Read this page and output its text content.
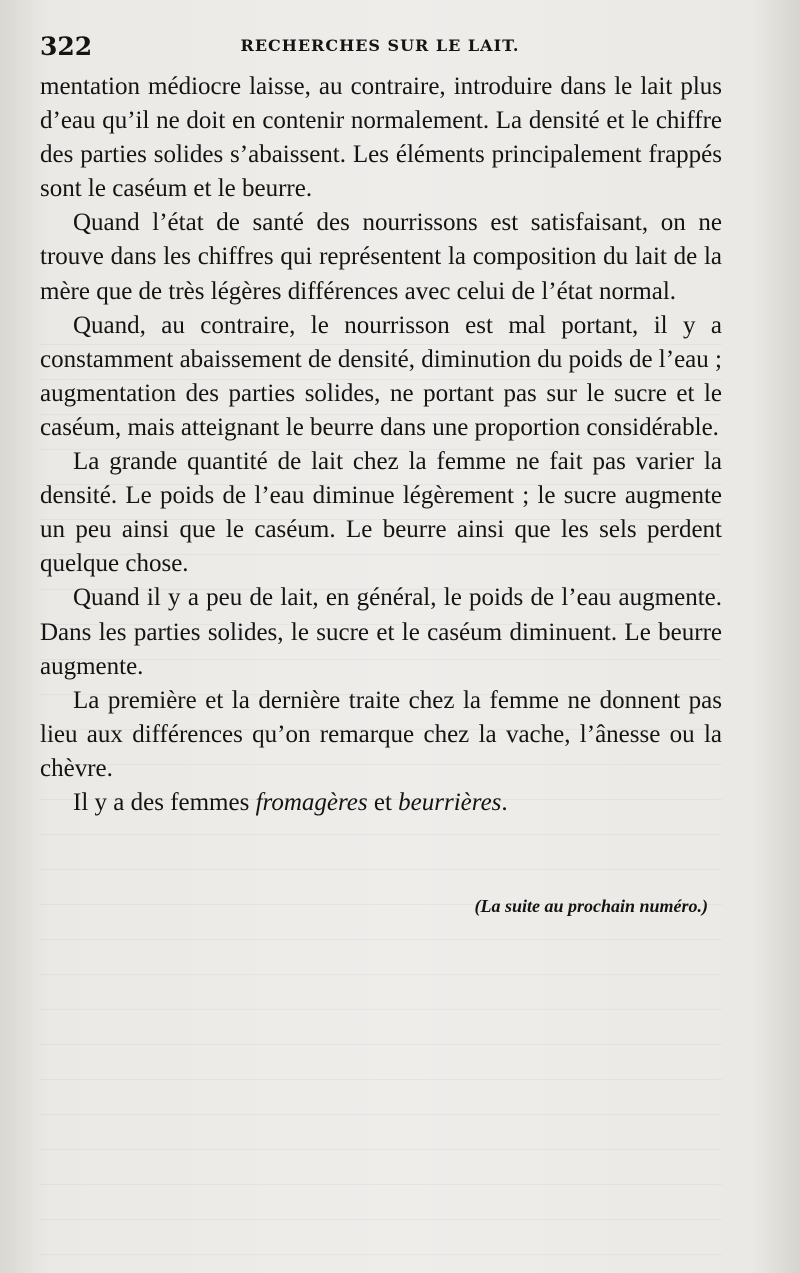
322	RECHERCHES SUR LE LAIT.

mentation médiocre laisse, au contraire, introduire dans le lait plus d’eau qu’il ne doit en contenir normalement. La densité et le chiffre des parties solides s’abaissent. Les éléments principalement frappés sont le caséum et le beurre.

Quand l’état de santé des nourrissons est satisfaisant, on ne trouve dans les chiffres qui représentent la composition du lait de la mère que de très légères différences avec celui de l’état normal.

Quand, au contraire, le nourrisson est mal portant, il y a constamment abaissement de densité, diminution du poids de l’eau ; augmentation des parties solides, ne portant pas sur le sucre et le caséum, mais atteignant le beurre dans une proportion considérable.

La grande quantité de lait chez la femme ne fait pas varier la densité. Le poids de l’eau diminue légèrement ; le sucre augmente un peu ainsi que le caséum. Le beurre ainsi que les sels perdent quelque chose.

Quand il y a peu de lait, en général, le poids de l’eau augmente. Dans les parties solides, le sucre et le caséum diminuent. Le beurre augmente.

La première et la dernière traite chez la femme ne donnent pas lieu aux différences qu’on remarque chez la vache, l’ânesse ou la chèvre.

Il y a des femmes fromagères et beurrières.

(La suite au prochain numéro.)
